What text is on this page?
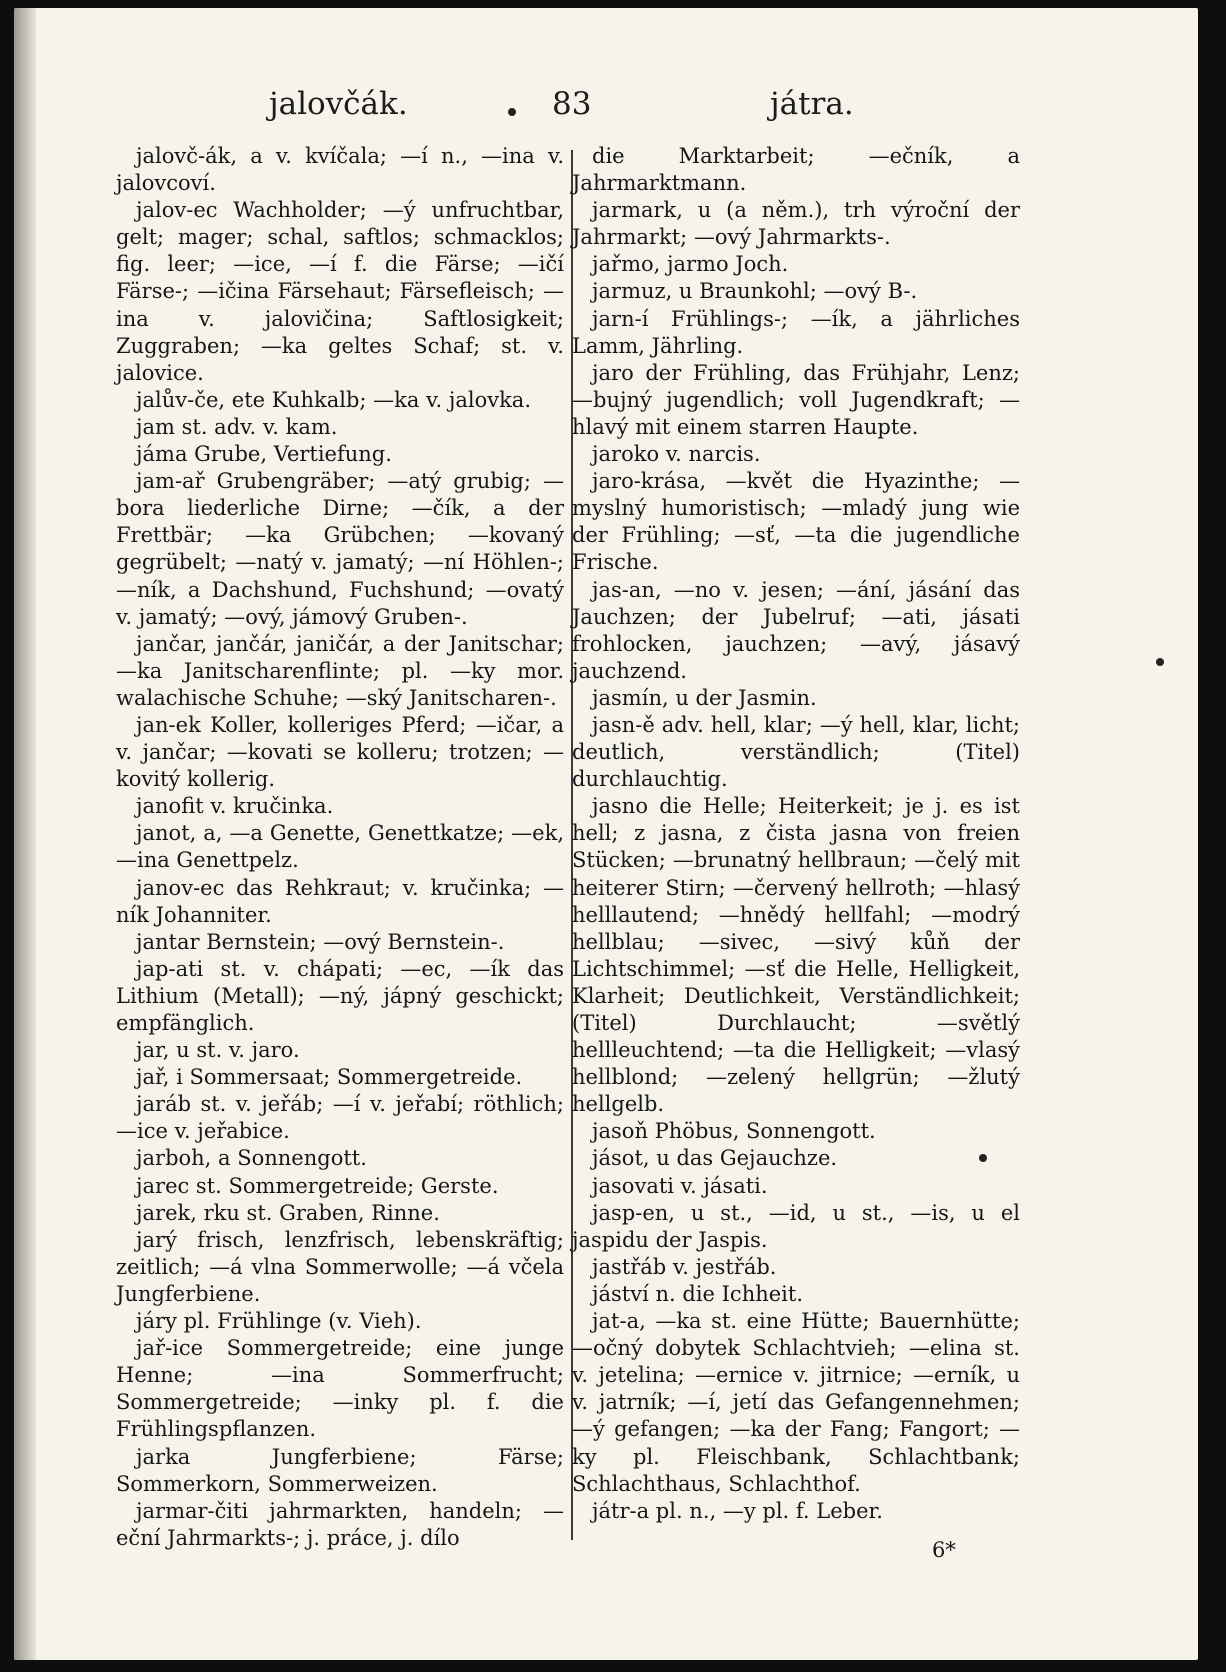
jalovčák.	83	játra.

jalovč-ák, a v. kvíčala; —í n., —ina v. jalovcoví.

jalov-ec Wachholder; —ý unfruchtbar, gelt; mager; schal, saftlos; schmacklos; fig. leer; —ice, —í f. die Färse; —ičí Färse-; —ičina Färsehaut; Färsefleisch; —ina v. jalovičina; Saftlosigkeit; Zuggraben; —ka geltes Schaf; st. v. jalovice.

jalův-če, ete Kuhkalb; —ka v. jalovka.

jam st. adv. v. kam.

jáma Grube, Vertiefung.

jam-ař Grubengräber; —atý grubig; —bora liederliche Dirne; —čík, a der Frettbär; —ka Grübchen; —kovaný gegrübelt; —natý v. jamatý; —ní Höhlen-; —ník, a Dachshund, Fuchshund; —ovatý v. jamatý; —ový, jámový Gruben-.

jančar, jančár, janičár, a der Janitschar; —ka Janitscharenflinte; pl. —ky mor. walachische Schuhe; —ský Janitscharen-.

jan-ek Koller, kolleriges Pferd; —ičar, a v. jančar; —kovati se kolleru; trotzen; —kovitý kollerig.

janofit v. kručinka.

janot, a, —a Genette, Genettkatze; —ek, —ina Genettpelz.

janov-ec das Rehkraut; v. kručinka; —ník Johanniter.

jantar Bernstein; —ový Bernstein-.

jap-ati st. v. chápati; —ec, —ík das Lithium (Metall); —ný, jápný geschickt; empfänglich.

jar, u st. v. jaro.

jař, i Sommersaat; Sommergetreide.

jaráb st. v. jeřáb; —í v. jeřabí; röthlich; —ice v. jeřabice.

jarboh, a Sonnengott.

jarec st. Sommergetreide; Gerste.

jarek, rku st. Graben, Rinne.

jarý frisch, lenzfrisch, lebenskräftig; zeitlich; —á vlna Sommerwolle; —á včela Jungferbiene.

járy pl. Frühlinge (v. Vieh).

jař-ice Sommergetreide; eine junge Henne; —ina Sommerfrucht; Sommergetreide; —inky pl. f. die Frühlingspflanzen.

jarka Jungferbiene; Färse; Sommerkorn, Sommerweizen.

jarmar-čiti jahrmarkten, handeln; —eční Jahrmarkts-; j. práce, j. dílo

die Marktarbeit; —ečník, a Jahrmarktmann.

jarmark, u (a něm.), trh výroční der Jahrmarkt; —ový Jahrmarkts-.

jařmo, jarmo Joch.

jarmuz, u Braunkohl; —ový B-.

jarn-í Frühlings-; —ík, a jährliches Lamm, Jährling.

jaro der Frühling, das Frühjahr, Lenz; —bujný jugendlich; voll Jugendkraft; —hlavý mit einem starren Haupte.

jaroko v. narcis.

jaro-krása, —květ die Hyazinthe; —myslný humoristisch; —mladý jung wie der Frühling; —sť, —ta die jugendliche Frische.

jas-an, —no v. jesen; —ání, jásání das Jauchzen; der Jubelruf; —ati, jásati frohlocken, jauchzen; —avý, jásavý jauchzend.

jasmín, u der Jasmin.

jasn-ě adv. hell, klar; —ý hell, klar, licht; deutlich, verständlich; (Titel) durchlauchtig.

jasno die Helle; Heiterkeit; je j. es ist hell; z jasna, z čista jasna von freien Stücken; —brunatný hellbraun; —čelý mit heiterer Stirn; —červený hellroth; —hlasý helllautend; —hnědý hellfahl; —modrý hellblau; —sivec, —sivý kůň der Lichtschimmel; —sť die Helle, Helligkeit, Klarheit; Deutlichkeit, Verständlichkeit; (Titel) Durchlaucht; —světlý hellleuchtend; —ta die Helligkeit; —vlasý hellblond; —zelený hellgrün; —žlutý hellgelb.

jasoň Phöbus, Sonnengott.

jásot, u das Gejauchze.

jasovati v. jásati.

jasp-en, u st., —id, u st., —is, u el jaspidu der Jaspis.

jastřáb v. jestřáb.

jáství n. die Ichheit.

jat-a, —ka st. eine Hütte; Bauernhütte; —očný dobytek Schlachtvieh; —elina st. v. jetelina; —ernice v. jitrnice; —erník, u v. jatrník; —í, jetí das Gefangennehmen; —ý gefangen; —ka der Fang; Fangort; —ky pl. Fleischbank, Schlachtbank; Schlachthaus, Schlachthof.

játr-a pl. n., —y pl. f. Leber.

6*
